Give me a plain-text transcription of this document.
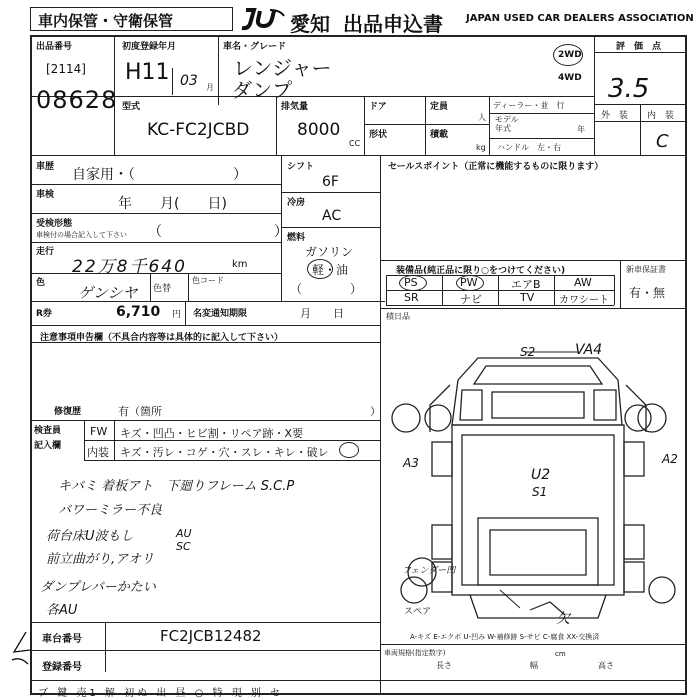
車内保管・守衛保管
JU
愛知 出品申込書 JAPAN USED CAR DEALERS ASSOCIATION
出品番号
[2114]
08628
初度登録年月
H11 03 月
車名・グレード
レンジャー
ダンプ
2WD
4WD
評　価　点
3.5
外　装 内　装
C
型式
KC-FC2JCBD
排気量
8000
CC
ドア	定員
人
形状	積載
kg
ディーラー・並　行
モデル
年式	年
ハンドル　左・右
車歴 自家用・（　　　　　　　）
車検
年　　月(　　日)
受検形態
車検付の場合記入して下さい （　　　　　　　　）
走行
22万8千640	km
色
ゲンシヤ 色替
色コード
R券	6,710 円 名変通知期限	月　　日
シフト
6F
冷房
AC
燃料
ガソリン
軽・油
（　　　　）
セールスポイント（正常に機能するものに限ります）
装備品(純正品に限り○をつけてください)
PS	PW	エアB	AW
SR	ナビ	TV カワシート
新車保証書
有・無
積日品
注意事項申告欄（不具合内容等は具体的に記入して下さい）
修復歴	有（箇所	）
検査員
記入欄
FW キズ・凹凸・ヒビ割・リペア跡・X要
内装 キズ・汚レ・コゲ・穴・スレ・キレ・破レ
キバミ 着板アト　下廻りフレーム S.C.P
バワーミラー不良
荷台床U波もし
前立曲がり,アオリ
AU
SC
ダンプレバーかたい
各AU
S2	VA4
A3	A2
U2
S1
フェンダー凹
スペア	欠
A-キズ E-エクボ U-凹み W-補修跡 S-サビ C-腐食 XX-交換済
車両規格(指定数字)
長さ	幅	高さ
cm
車台番号	FC2JCB12482
登録番号
ブ 鍵 売1 解 初ぬ 出 昼 ○ 特 現 別 セ
